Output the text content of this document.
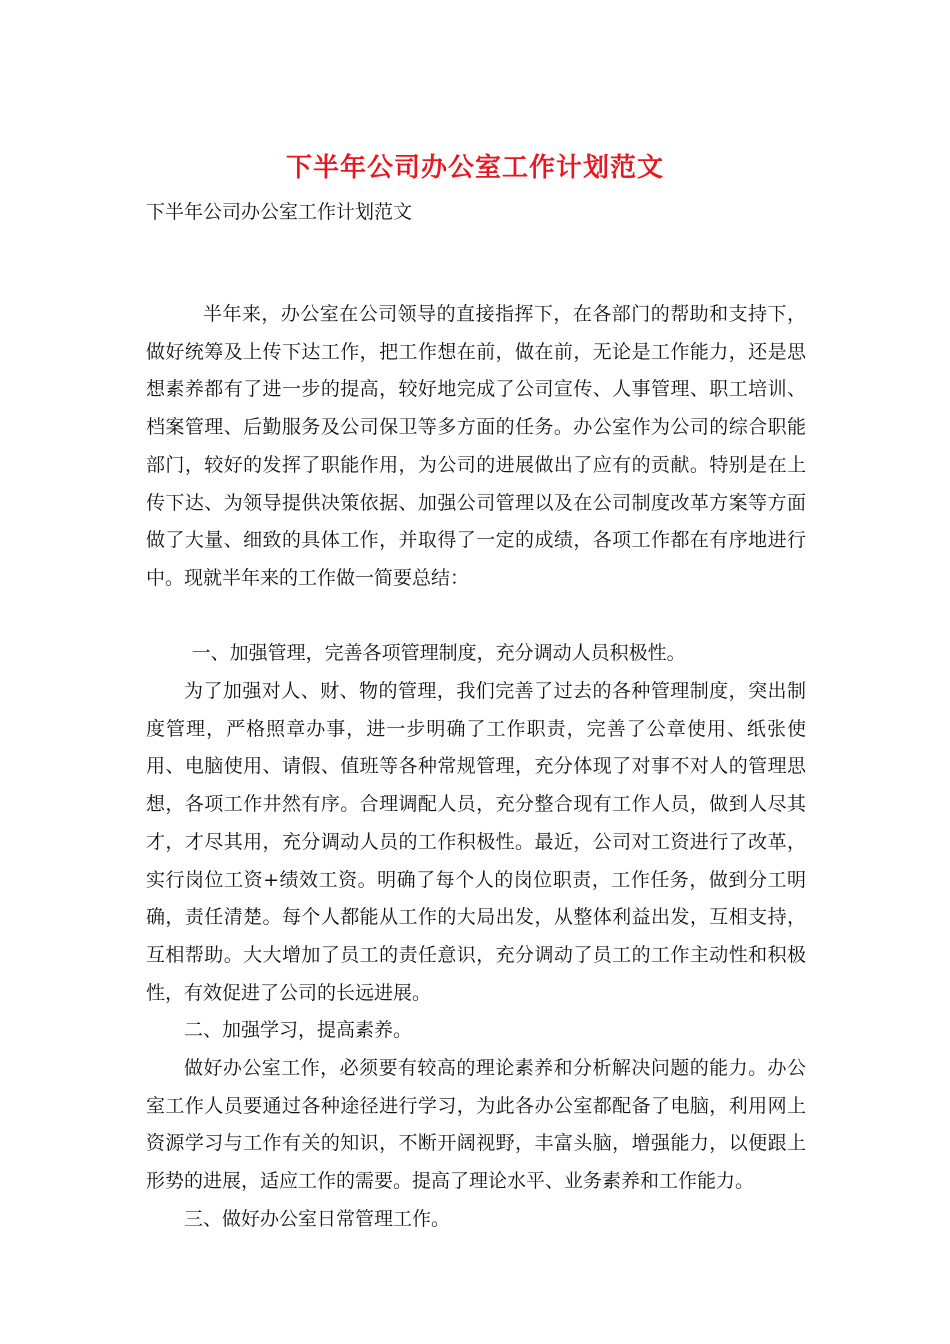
下半年公司办公室工作计划范文
下半年公司办公室工作计划范文

半年来，办公室在公司领导的直接指挥下，在各部门的帮助和支持下，做好统筹及上传下达工作，把工作想在前，做在前，无论是工作能力，还是思想素养都有了进一步的提高，较好地完成了公司宣传、人事管理、职工培训、档案管理、后勤服务及公司保卫等多方面的任务。办公室作为公司的综合职能部门，较好的发挥了职能作用，为公司的进展做出了应有的贡献。特别是在上传下达、为领导提供决策依据、加强公司管理以及在公司制度改革方案等方面做了大量、细致的具体工作，并取得了一定的成绩，各项工作都在有序地进行中。现就半年来的工作做一简要总结：

一、加强管理，完善各项管理制度，充分调动人员积极性。

为了加强对人、财、物的管理，我们完善了过去的各种管理制度，突出制度管理，严格照章办事，进一步明确了工作职责，完善了公章使用、纸张使用、电脑使用、请假、值班等各种常规管理，充分体现了对事不对人的管理思想，各项工作井然有序。合理调配人员，充分整合现有工作人员，做到人尽其才，才尽其用，充分调动人员的工作积极性。最近，公司对工资进行了改革，实行岗位工资+绩效工资。明确了每个人的岗位职责，工作任务，做到分工明确，责任清楚。每个人都能从工作的大局出发，从整体利益出发，互相支持，互相帮助。大大增加了员工的责任意识，充分调动了员工的工作主动性和积极性，有效促进了公司的长远进展。

二、加强学习，提高素养。

做好办公室工作，必须要有较高的理论素养和分析解决问题的能力。办公室工作人员要通过各种途径进行学习，为此各办公室都配备了电脑，利用网上资源学习与工作有关的知识，不断开阔视野，丰富头脑，增强能力，以便跟上形势的进展，适应工作的需要。提高了理论水平、业务素养和工作能力。

三、做好办公室日常管理工作。
